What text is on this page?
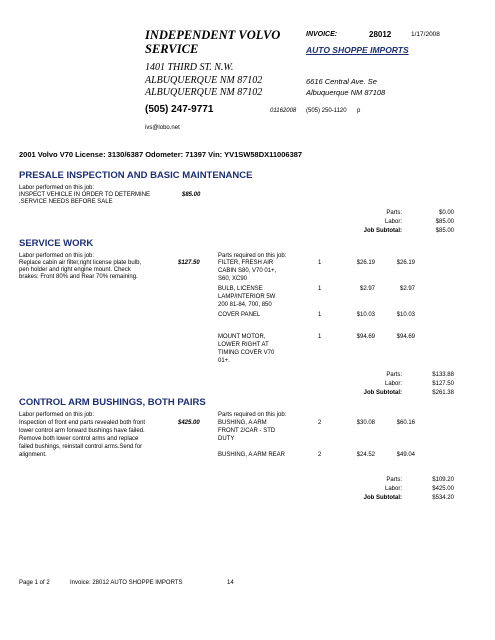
INDEPENDENT VOLVO
SERVICE
1401 THIRD ST. N.W.
ALBUQUERQUE NM 87102
ALBUQUERQUE NM 87102
(505) 247-9771
ivs@lobo.net
INVOICE:	28012	1/17/2008
AUTO SHOPPE IMPORTS
6616 Central Ave. Se
Albuquerque NM 87108
01162008 (505) 250-1120 p
2001 Volvo V70 License: 3130/6387 Odometer: 71397 Vin: YV1SW58DX11006387
PRESALE INSPECTION AND BASIC MAINTENANCE
Labor performed on this job:
INSPECT VEHICLE IN ORDER TO DETERMINE
.SERVICE NEEDS BEFORE SALE
$85.00
Parts:	$0.00
Labor:	$85.00
Job Subtotal:	$85.00
SERVICE WORK
Labor performed on this job:
Replace cabin air filter,right license plate bulb,
pen holder and right engine mount. Check
brakes: Front 80% and Rear 70% remaining.
$127.50
Parts required on this job:
FILTER, FRESH AIR
CABIN S80, V70 01+,
S60, XC90
1	$26.19	$26.19
BULB, LICENSE
LAMP/INTERIOR 5W
200 81-84, 700, 850
1	$2.97	$2.97
COVER PANEL	1	$10.03	$10.03
MOUNT MOTOR,
LOWER RIGHT AT
TIMING COVER V70
01+.
1	$94.69	$94.69
Parts:	$133.88
Labor:	$127.50
Job Subtotal:	$261.38
CONTROL ARM BUSHINGS, BOTH PAIRS
Labor performed on this job:
Inspection of front end parts revealed both front
lower control arm forward bushings have failed.
Remove both lower control arms and replace
failed bushings, reinstall control arms.Send for
alignment.
$425.00
Parts required on this job:
BUSHING, A ARM
FRONT 2/CAR - STD
DUTY
2	$30.08	$60.16
BUSHING, A ARM REAR	2	$24.52	$49.04
Parts:	$109.20
Labor:	$425.00
Job Subtotal:	$534.20
Page 1 of 2	Invoice: 28012 AUTO SHOPPE IMPORTS	14
